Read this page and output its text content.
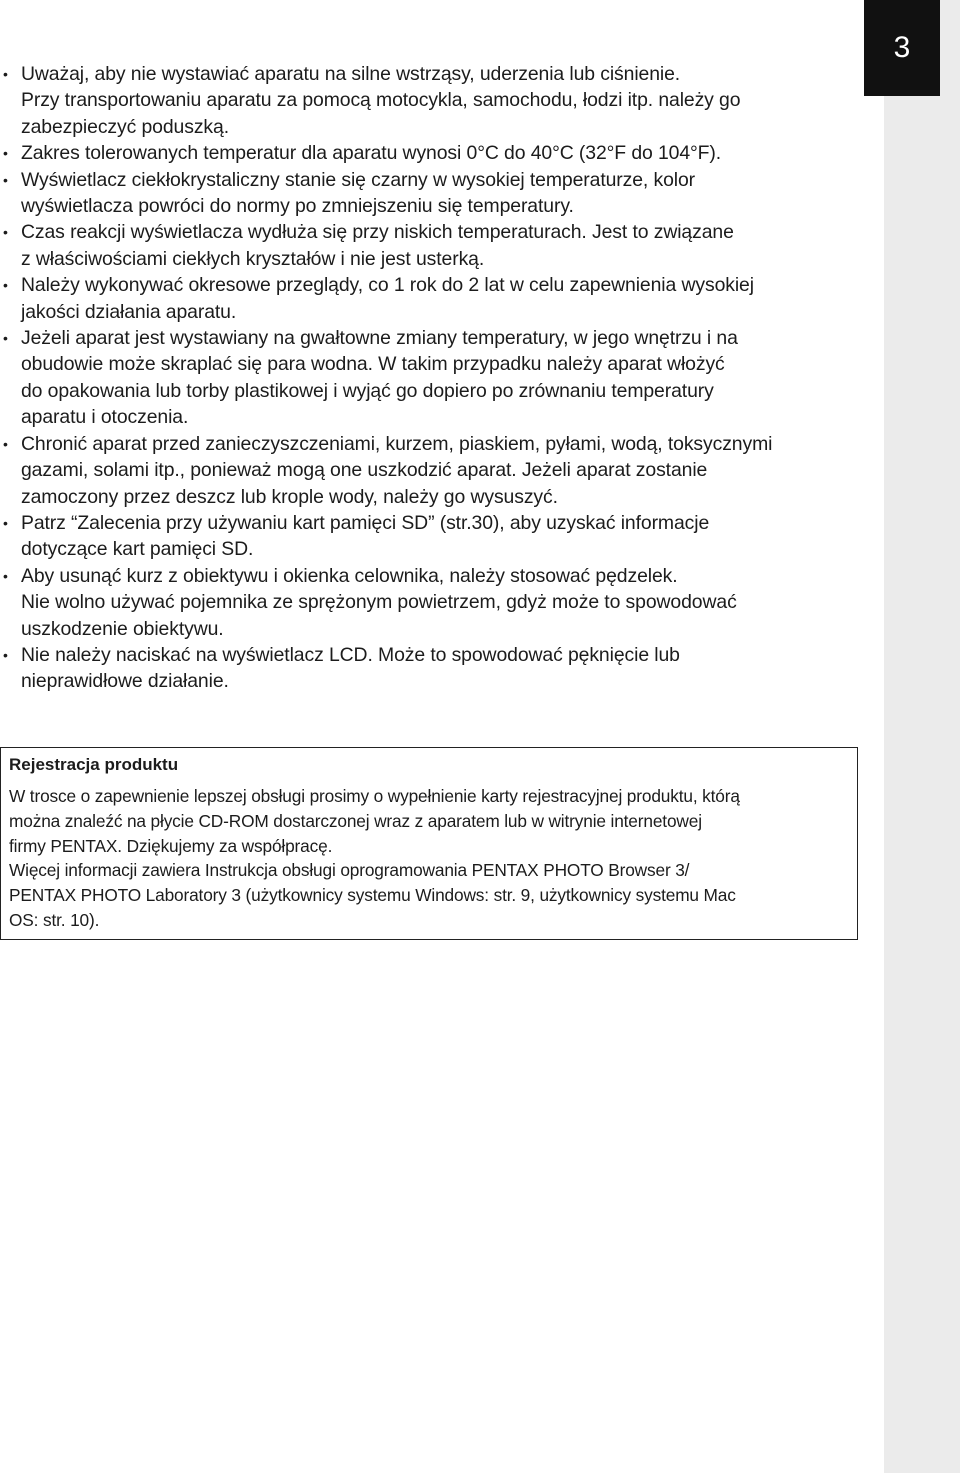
3
• Uważaj, aby nie wystawiać aparatu na silne wstrząsy, uderzenia lub ciśnienie.
Przy transportowaniu aparatu za pomocą motocykla, samochodu, łodzi itp. należy go
zabezpieczyć poduszką.
• Zakres tolerowanych temperatur dla aparatu wynosi 0°C do 40°C (32°F do 104°F).
• Wyświetlacz ciekłokrystaliczny stanie się czarny w wysokiej temperaturze, kolor
wyświetlacza powróci do normy po zmniejszeniu się temperatury.
• Czas reakcji wyświetlacza wydłuża się przy niskich temperaturach. Jest to związane
z właściwościami ciekłych kryształów i nie jest usterką.
• Należy wykonywać okresowe przeglądy, co 1 rok do 2 lat w celu zapewnienia wysokiej
jakości działania aparatu.
• Jeżeli aparat jest wystawiany na gwałtowne zmiany temperatury, w jego wnętrzu i na
obudowie może skraplać się para wodna. W takim przypadku należy aparat włożyć
do opakowania lub torby plastikowej i wyjąć go dopiero po zrównaniu temperatury
aparatu i otoczenia.
• Chronić aparat przed zanieczyszczeniami, kurzem, piaskiem, pyłami, wodą, toksycznymi
gazami, solami itp., ponieważ mogą one uszkodzić aparat. Jeżeli aparat zostanie
zamoczony przez deszcz lub krople wody, należy go wysuszyć.
• Patrz “Zalecenia przy używaniu kart pamięci SD” (str.30), aby uzyskać informacje
dotyczące kart pamięci SD.
• Aby usunąć kurz z obiektywu i okienka celownika, należy stosować pędzelek.
Nie wolno używać pojemnika ze sprężonym powietrzem, gdyż może to spowodować
uszkodzenie obiektywu.
• Nie należy naciskać na wyświetlacz LCD. Może to spowodować pęknięcie lub
nieprawidłowe działanie.
Rejestracja produktu
W trosce o zapewnienie lepszej obsługi prosimy o wypełnienie karty rejestracyjnej produktu, którą
można znaleźć na płycie CD-ROM dostarczonej wraz z aparatem lub w witrynie internetowej
firmy PENTAX. Dziękujemy za współpracę.
Więcej informacji zawiera Instrukcja obsługi oprogramowania PENTAX PHOTO Browser 3/
PENTAX PHOTO Laboratory 3 (użytkownicy systemu Windows: str. 9, użytkownicy systemu Mac
OS: str. 10).
